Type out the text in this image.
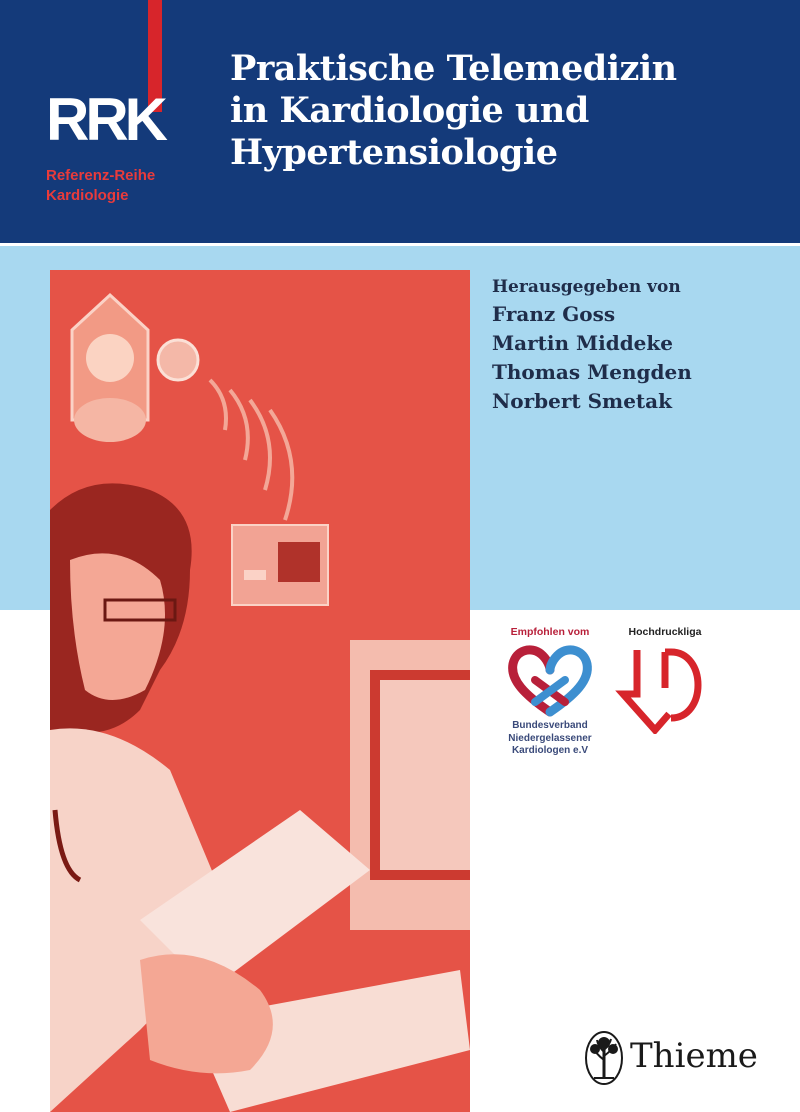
RRK
Referenz-Reihe
Kardiologie
Praktische Telemedizin
in Kardiologie und
Hypertensiologie
Herausgegeben von
Franz Goss
Martin Middeke
Thomas Mengden
Norbert Smetak
Empfohlen vom
Bundesverband
Niedergelassener
Kardiologen e.V
Hochdruckliga
Thieme
